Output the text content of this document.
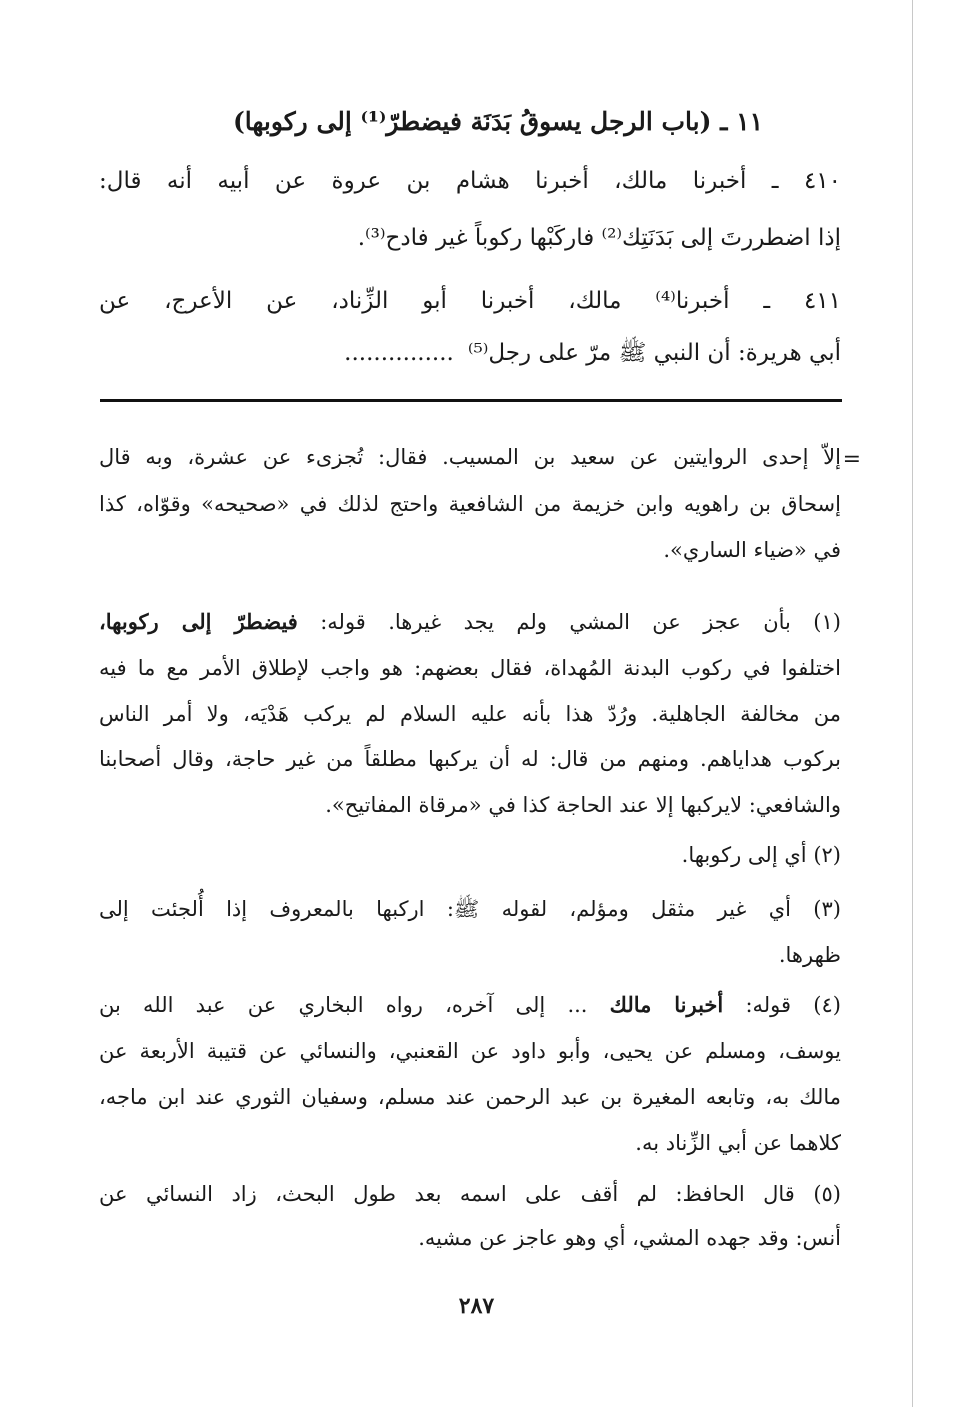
١١ ـ (باب الرجل يسوقُ بَدَنَة فيضطرّ⁽¹⁾ إلى ركوبها)
٤١٠ ـ أخبرنا مالك، أخبرنا هشام بن عروة عن أبيه أنه قال:
إذا اضطررتَ إلى بَدَنَتِك⁽²⁾ فاركَبْها ركوباً غير فادح⁽³⁾.
٤١١ ـ أخبرنا⁽⁴⁾ مالك، أخبرنا أبو الزِّناد، عن الأعرج، عن
أبي هريرة: أن النبي ﷺ مرّ على رجل⁽⁵⁾...............
=
إلاّ إحدى الروايتين عن سعيد بن المسيب. فقال: تُجزىء عن عشرة، وبه قال
إسحاق بن راهويه وابن خزيمة من الشافعية واحتج لذلك في «صحيحه» وقوّاه، كذا
في «ضياء الساري».
(١) بأن عجز عن المشي ولم يجد غيرها. قوله: فيضطرّ إلى ركوبها،
اختلفوا في ركوب البدنة المُهداة، فقال بعضهم: هو واجب لإطلاق الأمر مع ما فيه
من مخالفة الجاهلية. ورُدّ هذا بأنه عليه السلام لم يركب هَدْيَه، ولا أمر الناس
بركوب هداياهم. ومنهم من قال: له أن يركبها مطلقاً من غير حاجة، وقال أصحابنا
والشافعي: لايركبها إلا عند الحاجة كذا في «مرقاة المفاتيح».
(٢) أي إلى ركوبها.
(٣) أي غير مثقل ومؤلم، لقوله ﷺ: اركبها بالمعروف إذا أُلجئت إلى
ظهرها.
(٤) قوله: أخبرنا مالك ... إلى آخره، رواه البخاري عن عبد الله بن
يوسف، ومسلم عن يحيى، وأبو داود عن القعنبي، والنسائي عن قتيبة الأربعة عن
مالك به، وتابعه المغيرة بن عبد الرحمن عند مسلم، وسفيان الثوري عند ابن ماجه،
كلاهما عن أبي الزِّناد به.
(٥) قال الحافظ: لم أقف على اسمه بعد طول البحث، زاد النسائي عن
أنس: وقد جهده المشي، أي وهو عاجز عن مشيه.
٢٨٧
